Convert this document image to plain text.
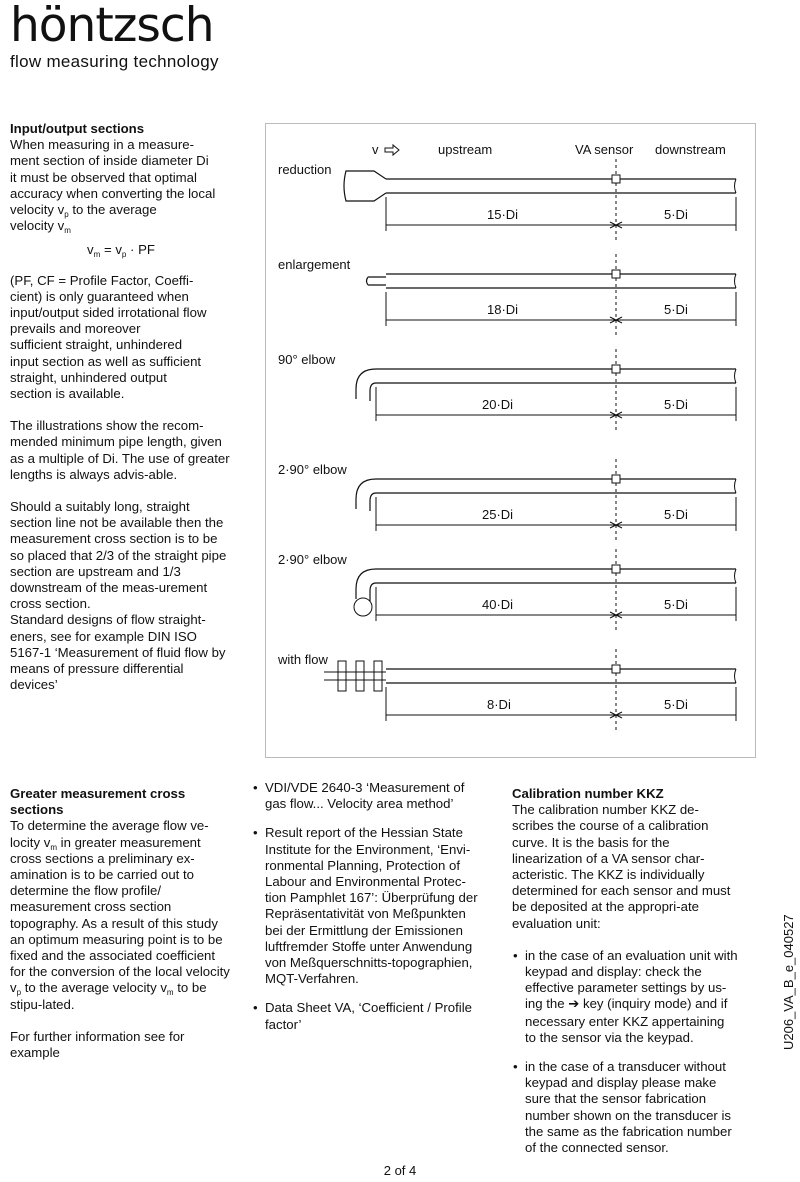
höntzsch
flow measuring technology
Input/output sections
When measuring in a measure-
ment section of inside diameter Di
it must be observed that optimal
accuracy when converting the local
velocity $v_p$ to the average
velocity $v_m$
$v_m = v_p$ · PF

(PF, CF = Profile Factor, Coeffi-
cient) is only guaranteed when
input/output sided irrotational flow
prevails and moreover
sufficient straight, unhindered
input section as well as sufficient
straight, unhindered output
section is available.

The illustrations show the recom-mended minimum pipe length, given as a multiple of Di. The use of greater lengths is always advis-able.

Should a suitably long, straight section line not be available then the measurement cross section is to be so placed that 2/3 of the straight pipe section are upstream and 1/3 downstream of the meas-urement cross section.

Standard designs of flow straight-eners, see for example DIN ISO 5167-1 ‘Measurement of fluid flow by means of pressure differential devices’

v	upstream	VA sensor downstream
reduction
15·Di	5·Di
enlargement
18·Di	5·Di
90° elbow
20·Di	5·Di
2·90° elbow
25·Di	5·Di
2·90° elbow
40·Di	5·Di
with flow
8·Di	5·Di
Greater measurement cross sections

To determine the average flow ve-locity $v_m$ in greater measurement cross sections a preliminary ex-amination is to be carried out to determine the flow profile/ measurement cross section topography. As a result of this study an optimum measuring point is to be fixed and the associated coefficient for the conversion of the local velocity $v_p$ to the average velocity $v_m$ to be stipu-lated.

For further information see for example

• VDI/VDE 2640-3 ‘Measurement of gas flow... Velocity area method’
• Result report of the Hessian State Institute for the Environment, ‘Envi-ronmental Planning, Protection of Labour and Environmental Protec-tion Pamphlet 167’: Überprüfung der Repräsentativität von Meßpunkten bei der Ermittlung der Emissionen luftfremder Stoffe unter Anwendung von Meßquerschnitts-topographien, MQT-Verfahren.
• Data Sheet VA, ‘Coefficient / Profile factor’
Calibration number KKZ

The calibration number KKZ de-scribes the course of a calibration curve. It is the basis for the linearization of a VA sensor char-acteristic. The KKZ is individually determined for each sensor and must be deposited at the appropri-ate evaluation unit:

• in the case of an evaluation unit with keypad and display: check the effective parameter settings by us-ing the ➔ key (inquiry mode) and if necessary enter KKZ appertaining to the sensor via the keypad.
• in the case of a transducer without keypad and display please make sure that the sensor fabrication number shown on the transducer is the same as the fabrication number of the connected sensor.
U206_VA_B_e_040527
2 of 4
